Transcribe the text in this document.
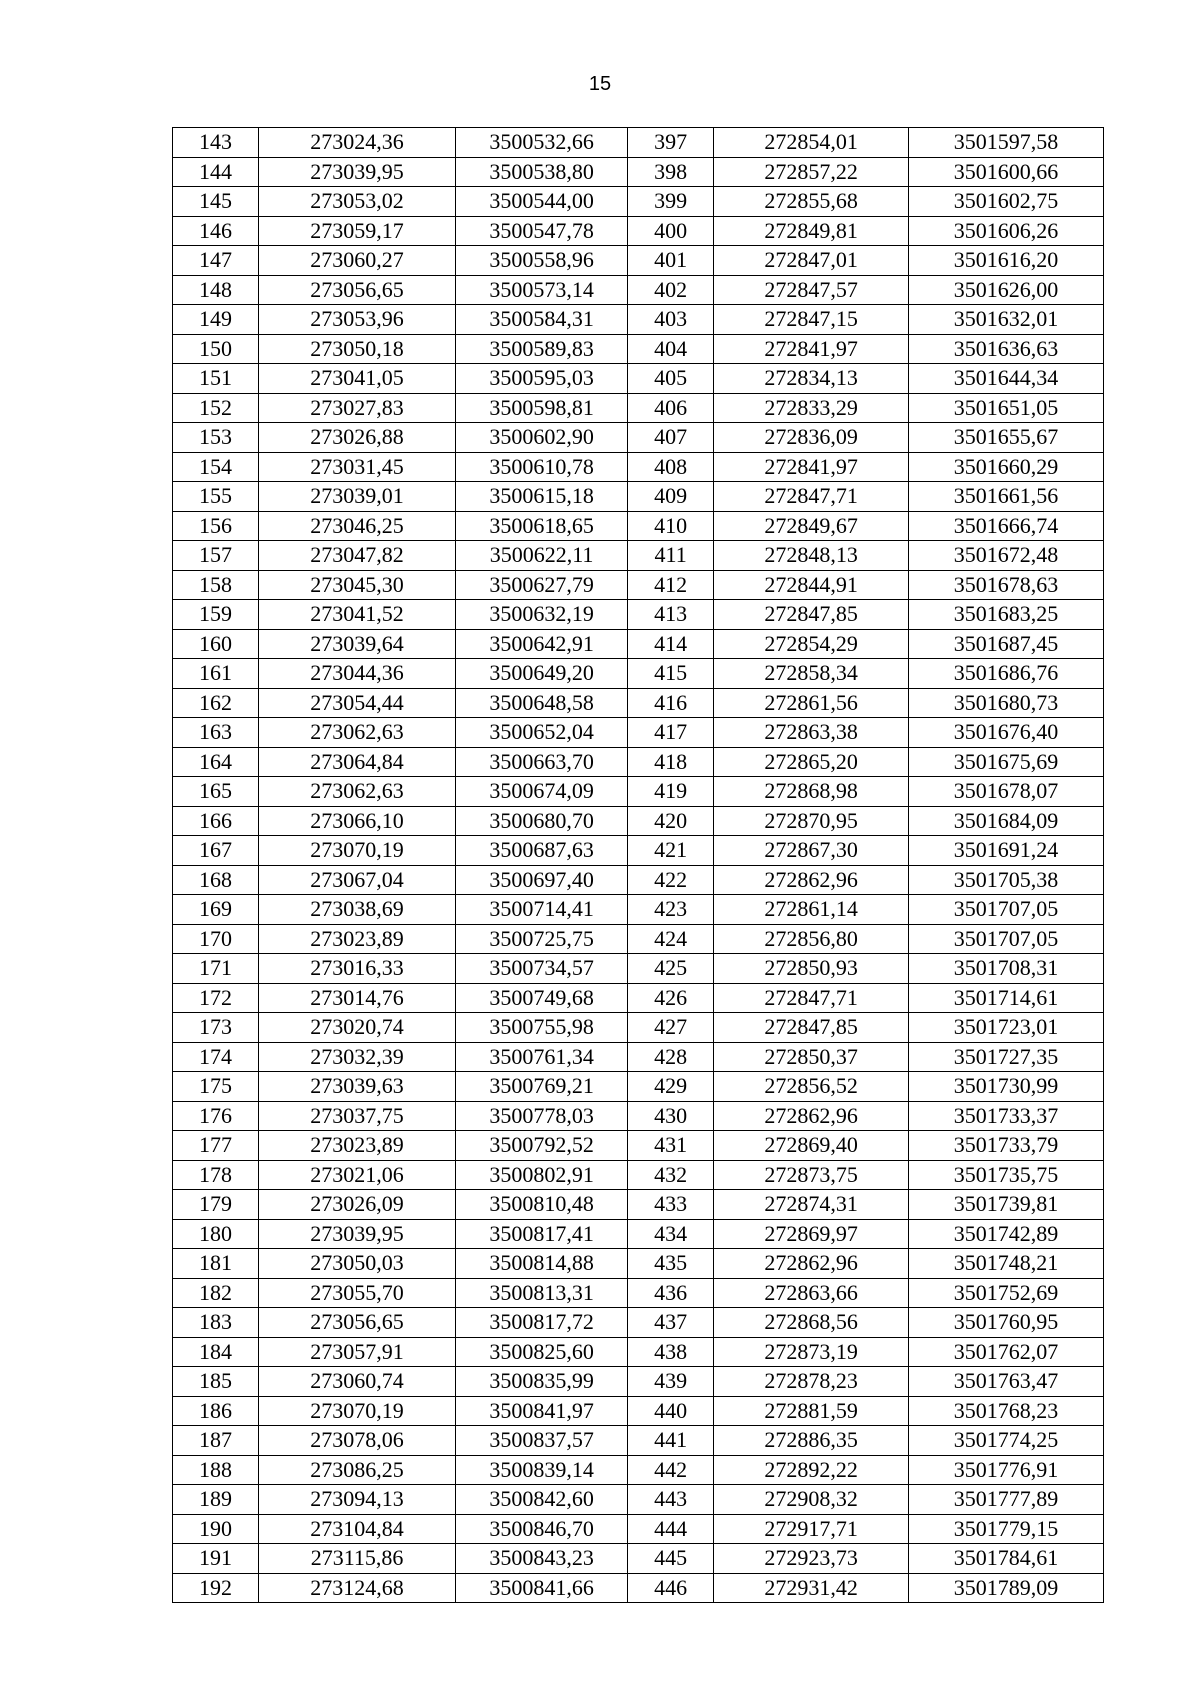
15
143	273024,36	3500532,66	397	272854,01	3501597,58
144	273039,95	3500538,80	398	272857,22	3501600,66
145	273053,02	3500544,00	399	272855,68	3501602,75
146	273059,17	3500547,78	400	272849,81	3501606,26
147	273060,27	3500558,96	401	272847,01	3501616,20
148	273056,65	3500573,14	402	272847,57	3501626,00
149	273053,96	3500584,31	403	272847,15	3501632,01
150	273050,18	3500589,83	404	272841,97	3501636,63
151	273041,05	3500595,03	405	272834,13	3501644,34
152	273027,83	3500598,81	406	272833,29	3501651,05
153	273026,88	3500602,90	407	272836,09	3501655,67
154	273031,45	3500610,78	408	272841,97	3501660,29
155	273039,01	3500615,18	409	272847,71	3501661,56
156	273046,25	3500618,65	410	272849,67	3501666,74
157	273047,82	3500622,11	411	272848,13	3501672,48
158	273045,30	3500627,79	412	272844,91	3501678,63
159	273041,52	3500632,19	413	272847,85	3501683,25
160	273039,64	3500642,91	414	272854,29	3501687,45
161	273044,36	3500649,20	415	272858,34	3501686,76
162	273054,44	3500648,58	416	272861,56	3501680,73
163	273062,63	3500652,04	417	272863,38	3501676,40
164	273064,84	3500663,70	418	272865,20	3501675,69
165	273062,63	3500674,09	419	272868,98	3501678,07
166	273066,10	3500680,70	420	272870,95	3501684,09
167	273070,19	3500687,63	421	272867,30	3501691,24
168	273067,04	3500697,40	422	272862,96	3501705,38
169	273038,69	3500714,41	423	272861,14	3501707,05
170	273023,89	3500725,75	424	272856,80	3501707,05
171	273016,33	3500734,57	425	272850,93	3501708,31
172	273014,76	3500749,68	426	272847,71	3501714,61
173	273020,74	3500755,98	427	272847,85	3501723,01
174	273032,39	3500761,34	428	272850,37	3501727,35
175	273039,63	3500769,21	429	272856,52	3501730,99
176	273037,75	3500778,03	430	272862,96	3501733,37
177	273023,89	3500792,52	431	272869,40	3501733,79
178	273021,06	3500802,91	432	272873,75	3501735,75
179	273026,09	3500810,48	433	272874,31	3501739,81
180	273039,95	3500817,41	434	272869,97	3501742,89
181	273050,03	3500814,88	435	272862,96	3501748,21
182	273055,70	3500813,31	436	272863,66	3501752,69
183	273056,65	3500817,72	437	272868,56	3501760,95
184	273057,91	3500825,60	438	272873,19	3501762,07
185	273060,74	3500835,99	439	272878,23	3501763,47
186	273070,19	3500841,97	440	272881,59	3501768,23
187	273078,06	3500837,57	441	272886,35	3501774,25
188	273086,25	3500839,14	442	272892,22	3501776,91
189	273094,13	3500842,60	443	272908,32	3501777,89
190	273104,84	3500846,70	444	272917,71	3501779,15
191	273115,86	3500843,23	445	272923,73	3501784,61
192	273124,68	3500841,66	446	272931,42	3501789,09
